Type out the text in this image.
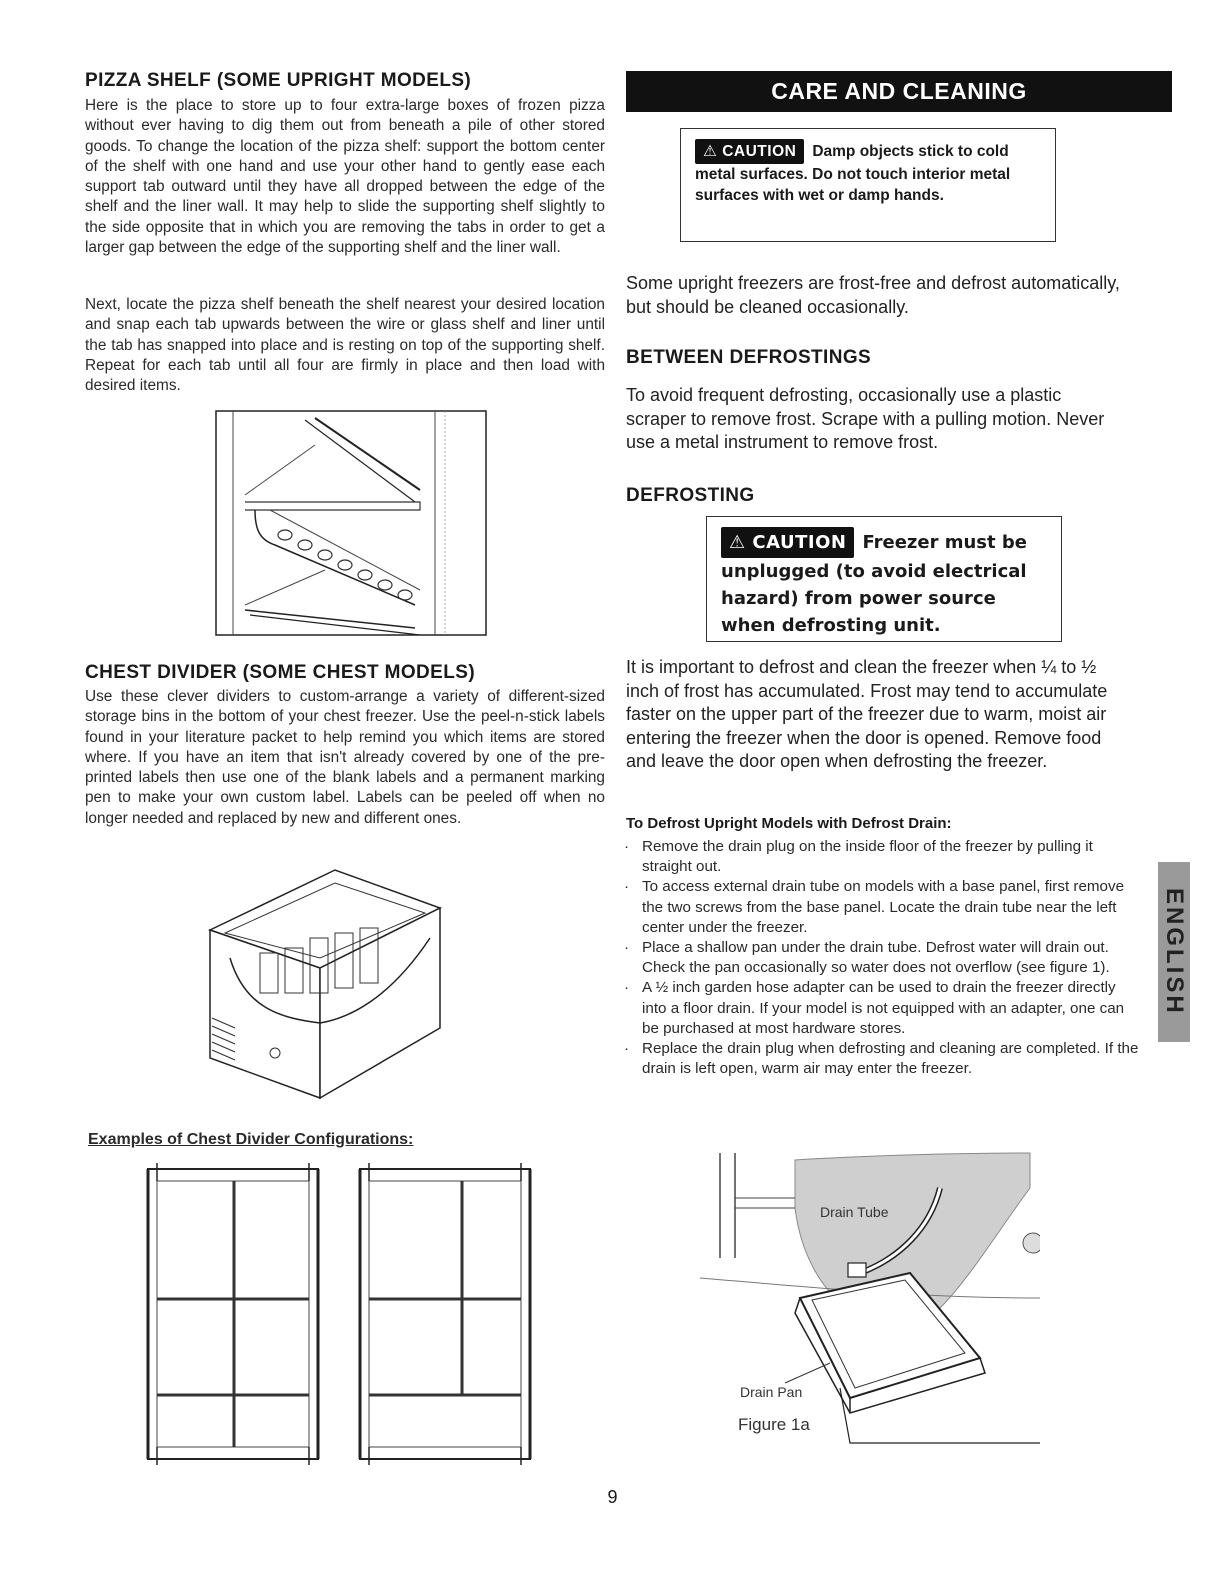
PIZZA SHELF (SOME UPRIGHT MODELS)

Here is the place to store up to four extra-large boxes of frozen pizza without ever having to dig them out from beneath a pile of other stored goods. To change the location of the pizza shelf: support the bottom center of the shelf with one hand and use your other hand to gently ease each support tab outward until they have all dropped between the edge of the shelf and the liner wall. It may help to slide the supporting shelf slightly to the side opposite that in which you are removing the tabs in order to get a larger gap between the edge of the supporting shelf and the liner wall.

Next, locate the pizza shelf beneath the shelf nearest your desired location and snap each tab upwards between the wire or glass shelf and liner until the tab has snapped into place and is resting on top of the supporting shelf. Repeat for each tab until all four are firmly in place and then load with desired items.

CHEST DIVIDER (SOME CHEST MODELS)

Use these clever dividers to custom-arrange a variety of different-sized storage bins in the bottom of your chest freezer. Use the peel-n-stick labels found in your literature packet to help remind you which items are stored where. If you have an item that isn't already covered by one of the pre-printed labels then use one of the blank labels and a permanent marking pen to make your own custom label. Labels can be peeled off when no longer needed and replaced by new and different ones.

Examples of Chest Divider Configurations:

CARE AND CLEANING
⚠ CAUTION Damp objects stick to cold metal surfaces. Do not touch interior metal surfaces with wet or damp hands.

Some upright freezers are frost-free and defrost automatically, but should be cleaned occasionally.

BETWEEN DEFROSTINGS

To avoid frequent defrosting, occasionally use a plastic scraper to remove frost. Scrape with a pulling motion. Never use a metal instrument to remove frost.

DEFROSTING
⚠ CAUTION Freezer must be unplugged (to avoid electrical hazard) from power source when defrosting unit.

It is important to defrost and clean the freezer when ¼ to ½ inch of frost has accumulated. Frost may tend to accumulate faster on the upper part of the freezer due to warm, moist air entering the freezer when the door is opened. Remove food and leave the door open when defrosting the freezer.

To Defrost Upright Models with Defrost Drain:

· Remove the drain plug on the inside floor of the freezer by pulling it straight out.
· To access external drain tube on models with a base panel, first remove the two screws from the base panel. Locate the drain tube near the left center under the freezer.
· Place a shallow pan under the drain tube. Defrost water will drain out. Check the pan occasionally so water does not overflow (see figure 1).
· A ½ inch garden hose adapter can be used to drain the freezer directly into a floor drain. If your model is not equipped with an adapter, one can be purchased at most hardware stores.
· Replace the drain plug when defrosting and cleaning are completed. If the drain is left open, warm air may enter the freezer.
ENGLISH
Drain Tube
Drain Pan
Figure 1a
9
